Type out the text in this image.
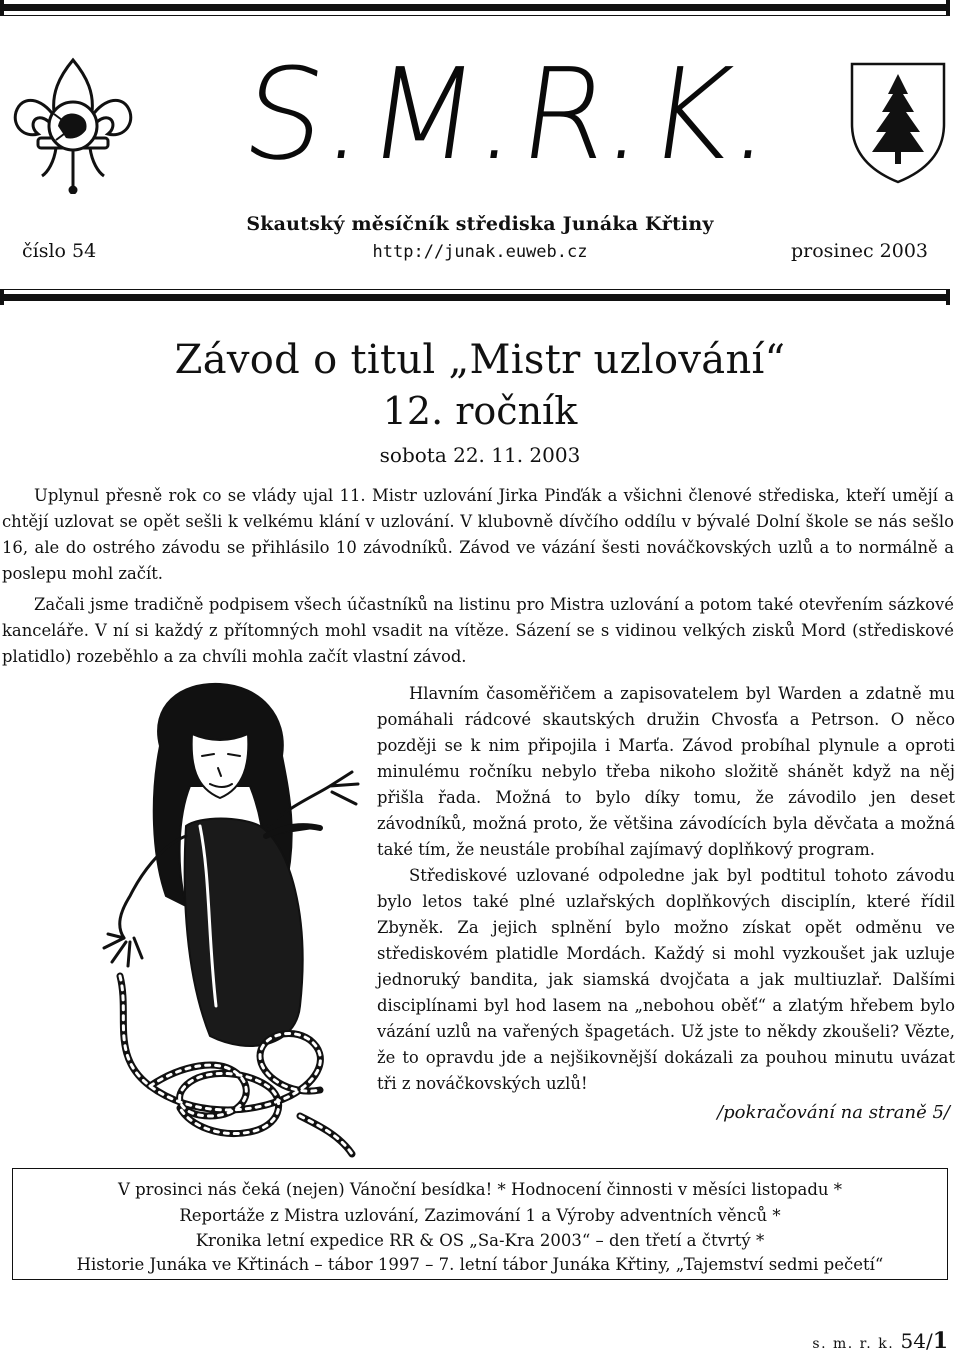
S.M.R.K.
Skautský měsíčník střediska Junáka Křtiny
číslo 54	http://junak.euweb.cz	prosinec 2003
Závod o titul „Mistr uzlování“
12. ročník
sobota 22. 11. 2003
Uplynul přesně rok co se vlády ujal 11. Mistr uzlování Jirka Pinďák a všichni členové střediska, kteří umějí a chtějí uzlovat se opět sešli k velkému klání v uzlování. V klubovně dívčího oddílu v bývalé Dolní škole se nás sešlo 16, ale do ostrého závodu se přihlásilo 10 závodníků. Závod ve vázání šesti nováčkovských uzlů a to normálně a poslepu mohl začít.
Začali jsme tradičně podpisem všech účastníků na listinu pro Mistra uzlování a potom také otevřením sázkové kanceláře. V ní si každý z přítomných mohl vsadit na vítěze. Sázení se s vidinou velkých zisků Mord (střediskové platidlo) rozeběhlo a za chvíli mohla začít vlastní závod.
Hlavním časoměřičem a zapisovatelem byl Warden a zdatně mu pomáhali rádcové skautských družin Chvosťa a Petrson. O něco později se k nim připojila i Marťa. Závod probíhal plynule a oproti minulému ročníku nebylo třeba nikoho složitě shánět když na něj přišla řada. Možná to bylo díky tomu, že závodilo jen deset závodníků, možná proto, že většina závodících byla děvčata a možná také tím, že neustále probíhal zajímavý doplňkový program.
Střediskové uzlované odpoledne jak byl podtitul tohoto závodu bylo letos také plné uzlařských doplňkových disciplín, které řídil Zbyněk. Za jejich splnění bylo možno získat opět odměnu ve střediskovém platidle Mordách. Každý si mohl vyzkoušet jak uzluje jednoruký bandita, jak siamská dvojčata a jak multiuzlař. Dalšími disciplínami byl hod lasem na „nebohou oběť“ a zlatým hřebem bylo vázání uzlů na vařených špagetách. Už jste to někdy zkoušeli? Vězte, že to opravdu jde a nejšikovnější dokázali za pouhou minutu uvázat tři z nováčkovských uzlů!
/pokračování na straně 5/
V prosinci nás čeká (nejen) Vánoční besídka! * Hodnocení činnosti v měsíci listopadu *
Reportáže z Mistra uzlování, Zazimování 1 a Výroby adventních věnců *
Kronika letní expedice RR & OS „Sa-Kra 2003“ – den třetí a čtvrtý *
Historie Junáka ve Křtinách – tábor 1997 – 7. letní tábor Junáka Křtiny, „Tajemství sedmi pečetí“
s. m. r. k. 54/1
